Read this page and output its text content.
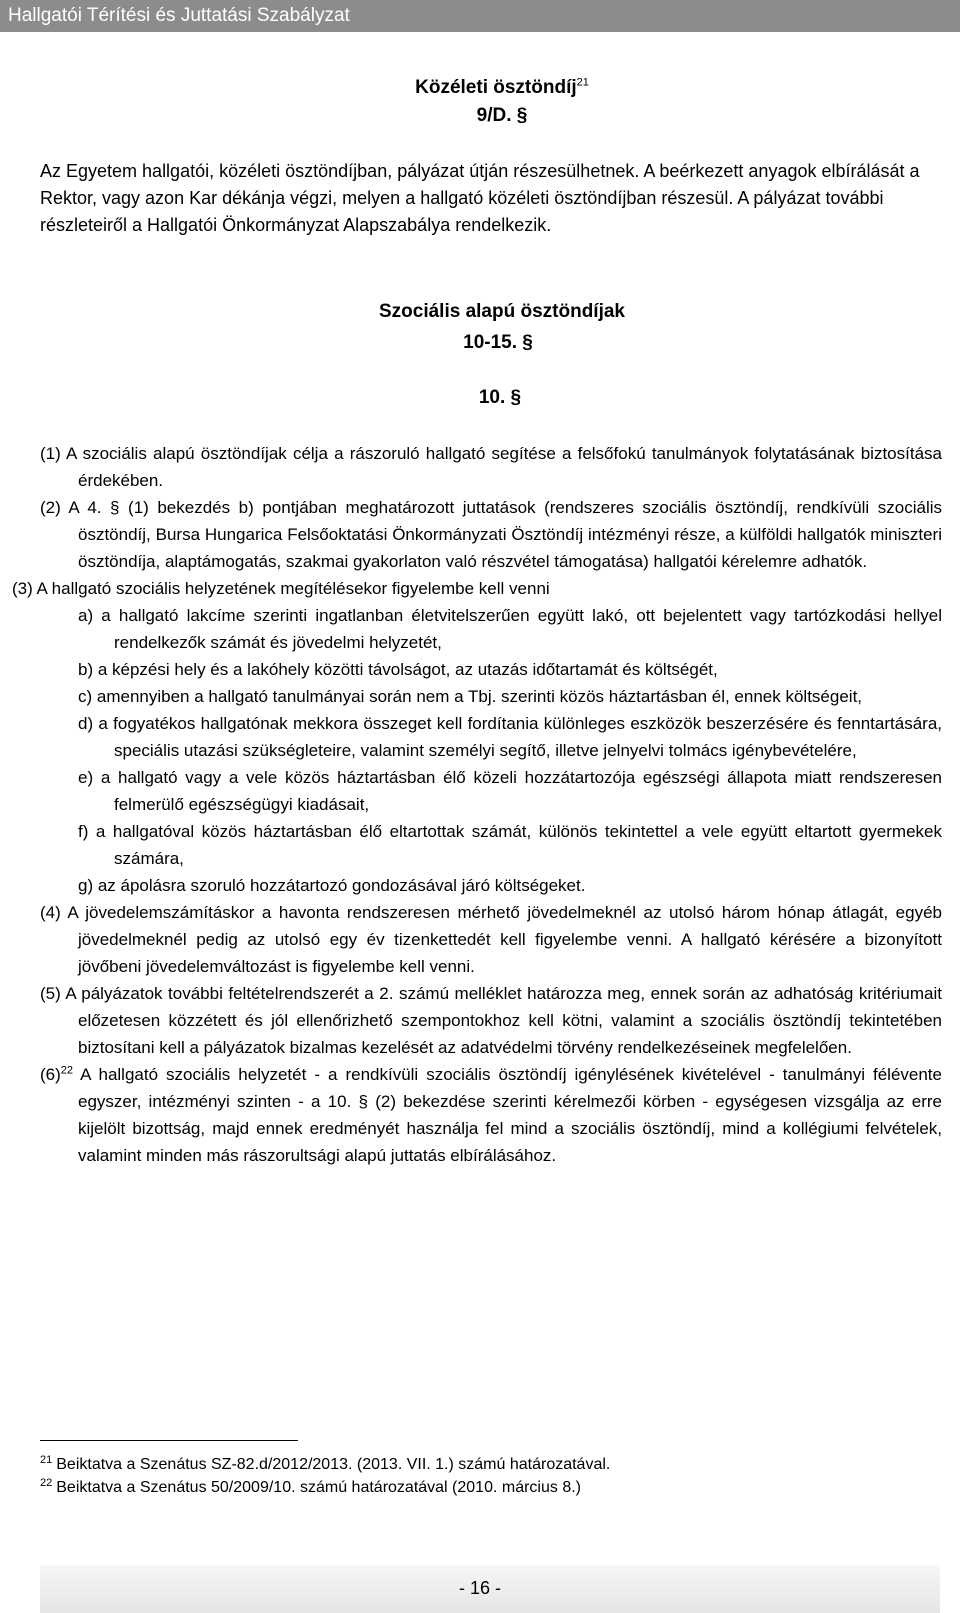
Hallgatói Térítési és Juttatási Szabályzat
Közéleti ösztöndíj$^{21}$
9/D. §

Az Egyetem hallgatói, közéleti ösztöndíjban, pályázat útján részesülhetnek. A beérkezett anyagok elbírálását a Rektor, vagy azon Kar dékánja végzi, melyen a hallgató közéleti ösztöndíjban részesül. A pályázat további részleteiről a Hallgatói Önkormányzat Alapszabálya rendelkezik.

Szociális alapú ösztöndíjak
10-15. §
10. §

(1) A szociális alapú ösztöndíjak célja a rászoruló hallgató segítése a felsőfokú tanulmányok folytatásának biztosítása érdekében.

(2) A 4. § (1) bekezdés b) pontjában meghatározott juttatások (rendszeres szociális ösztöndíj, rendkívüli szociális ösztöndíj, Bursa Hungarica Felsőoktatási Önkormányzati Ösztöndíj intézményi része, a külföldi hallgatók miniszteri ösztöndíja, alaptámogatás, szakmai gyakorlaton való részvétel támogatása) hallgatói kérelemre adhatók.

(3) A hallgató szociális helyzetének megítélésekor figyelembe kell venni

a) a hallgató lakcíme szerinti ingatlanban életvitelszerűen együtt lakó, ott bejelentett vagy tartózkodási hellyel rendelkezők számát és jövedelmi helyzetét,

b) a képzési hely és a lakóhely közötti távolságot, az utazás időtartamát és költségét,

c) amennyiben a hallgató tanulmányai során nem a Tbj. szerinti közös háztartásban él, ennek költségeit,

d) a fogyatékos hallgatónak mekkora összeget kell fordítania különleges eszközök beszerzésére és fenntartására, speciális utazási szükségleteire, valamint személyi segítő, illetve jelnyelvi tolmács igénybevételére,

e) a hallgató vagy a vele közös háztartásban élő közeli hozzátartozója egészségi állapota miatt rendszeresen felmerülő egészségügyi kiadásait,

f) a hallgatóval közös háztartásban élő eltartottak számát, különös tekintettel a vele együtt eltartott gyermekek számára,

g) az ápolásra szoruló hozzátartozó gondozásával járó költségeket.

(4) A jövedelemszámításkor a havonta rendszeresen mérhető jövedelmeknél az utolsó három hónap átlagát, egyéb jövedelmeknél pedig az utolsó egy év tizenkettedét kell figyelembe venni. A hallgató kérésére a bizonyított jövőbeni jövedelemváltozást is figyelembe kell venni.

(5) A pályázatok további feltételrendszerét a 2. számú melléklet határozza meg, ennek során az adhatóság kritériumait előzetesen közzétett és jól ellenőrizhető szempontokhoz kell kötni, valamint a szociális ösztöndíj tekintetében biztosítani kell a pályázatok bizalmas kezelését az adatvédelmi törvény rendelkezéseinek megfelelően.

$(6)^{22}$ A hallgató szociális helyzetét - a rendkívüli szociális ösztöndíj igénylésének kivételével - tanulmányi félévente egyszer, intézményi szinten - a 10. § (2) bekezdése szerinti kérelmezői körben - egységesen vizsgálja az erre kijelölt bizottság, majd ennek eredményét használja fel mind a szociális ösztöndíj, mind a kollégiumi felvételek, valamint minden más rászorultsági alapú juttatás elbírálásához.

$^{21}$ Beiktatva a Szenátus SZ-82.d/2012/2013. (2013. VII. 1.) számú határozatával.

$^{22}$ Beiktatva a Szenátus 50/2009/10. számú határozatával (2010. március 8.)

- 16 -
